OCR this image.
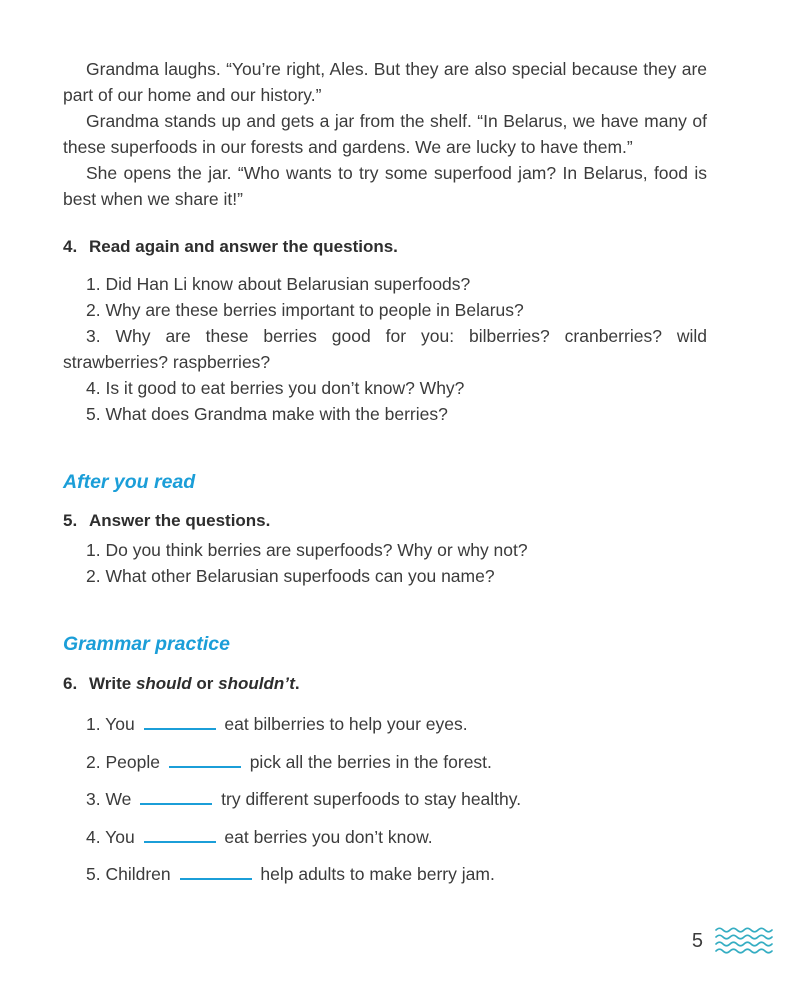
Grandma laughs. “You’re right, Ales. But they are also special because they are part of our home and our history.”

Grandma stands up and gets a jar from the shelf. “In Belarus, we have many of these superfoods in our forests and gardens. We are lucky to have them.”

She opens the jar. “Who wants to try some superfood jam? In Belarus, food is best when we share it!”

4. Read again and answer the questions.

1. Did Han Li know about Belarusian superfoods?

2. Why are these berries important to people in Belarus?

3. Why are these berries good for you: bilberries? cranberries? wild strawberries? raspberries?

4. Is it good to eat berries you don’t know? Why?

5. What does Grandma make with the berries?

After you read

5. Answer the questions.

1. Do you think berries are superfoods? Why or why not?

2. What other Belarusian superfoods can you name?

Grammar practice

6. Write should or shouldn’t.

1. You	eat bilberries to help your eyes.

2. People	pick all the berries in the forest.

3. We	try different superfoods to stay healthy.

4. You	eat berries you don’t know.

5. Children	help adults to make berry jam.

5
